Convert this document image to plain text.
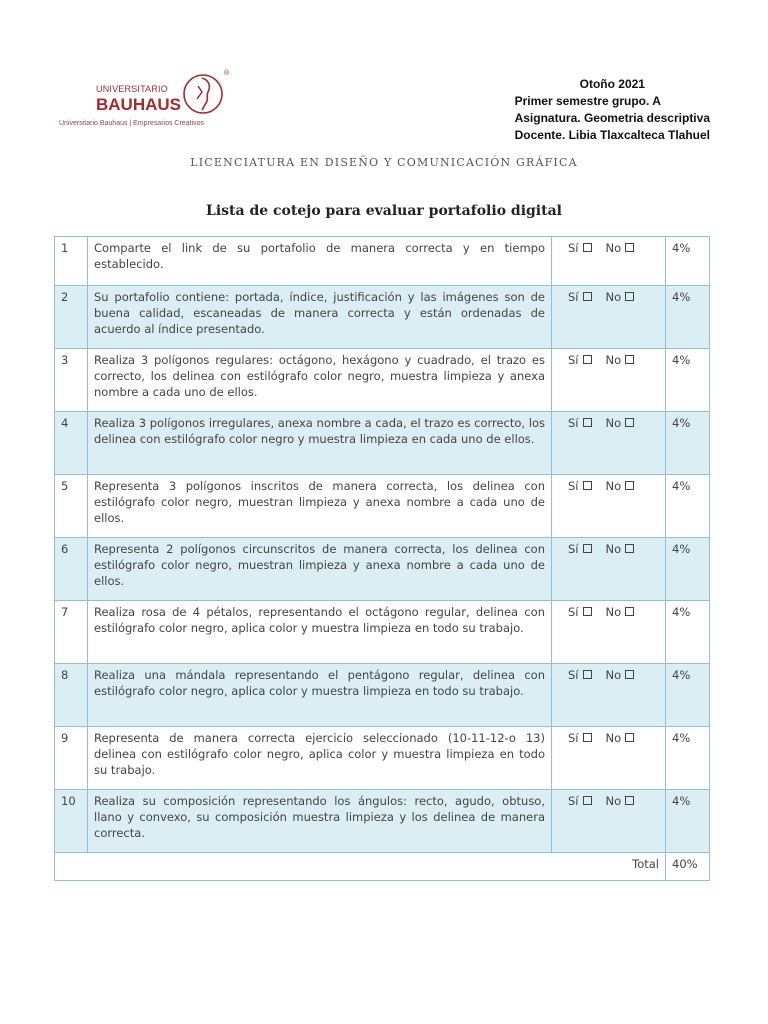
UNIVERSITARIO
BAUHAUS
Universitario Bauhaus | Empresarios Creativos
®
Otoño 2021
Primer semestre grupo. A
Asignatura. Geometria descriptiva
Docente. Libia Tlaxcalteca Tlahuel
LICENCIATURA EN DISEÑO Y COMUNICACIÓN GRÁFICA
Lista de cotejo para evaluar portafolio digital
1	Comparte el link de su portafolio de manera correcta y en tiempo establecido.	Sí No	4%
2	Su portafolio contiene: portada, índice, justificación y las imágenes son de buena calidad, escaneadas de manera correcta y están ordenadas de acuerdo al índice presentado.	Sí No	4%
3	Realiza 3 polígonos regulares: octágono, hexágono y cuadrado, el trazo es correcto, los delinea con estilógrafo color negro, muestra limpieza y anexa nombre a cada uno de ellos.	Sí No	4%
4	Realiza 3 polígonos irregulares, anexa nombre a cada, el trazo es correcto, los delinea con estilógrafo color negro y muestra limpieza en cada uno de ellos.	Sí No	4%
5	Representa 3 polígonos inscritos de manera correcta, los delinea con estilógrafo color negro, muestran limpieza y anexa nombre a cada uno de ellos.	Sí No	4%
6	Representa 2 polígonos circunscritos de manera correcta, los delinea con estilógrafo color negro, muestran limpieza y anexa nombre a cada uno de ellos.	Sí No	4%
7	Realiza rosa de 4 pétalos, representando el octágono regular, delinea con estilógrafo color negro, aplica color y muestra limpieza en todo su trabajo.	Sí No	4%
8	Realiza una mándala representando el pentágono regular, delinea con estilógrafo color negro, aplica color y muestra limpieza en todo su trabajo.	Sí No	4%
9	Representa de manera correcta ejercicio seleccionado (10-11-12-o 13) delinea con estilógrafo color negro, aplica color y muestra limpieza en todo su trabajo.	Sí No	4%
10	Realiza su composición representando los ángulos: recto, agudo, obtuso, llano y convexo, su composición muestra limpieza y los delinea de manera correcta.	Sí No	4%
Total			40%
